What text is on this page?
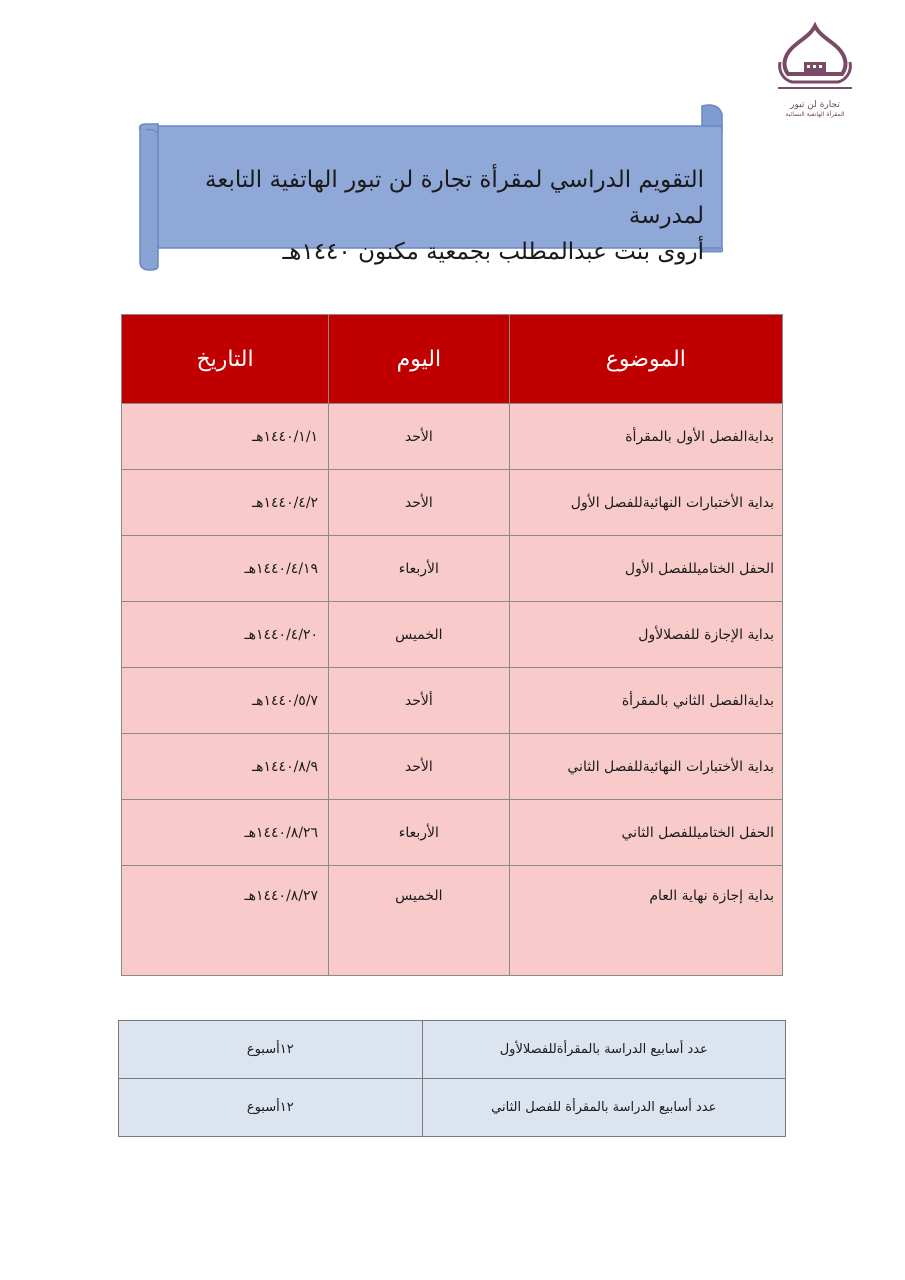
تجارة لن تبور
المقرأة الهاتفية النسائية
التقويم الدراسي لمقرأة تجارة لن تبور الهاتفية التابعة لمدرسة
أروى بنت عبدالمطلب بجمعية مكنون ١٤٤٠هـ
الموضوع	اليوم	التاريخ
بدايةالفصل الأول بالمقرأة	الأحد	١٤٤٠/١/١هـ
بداية الأختبارات النهائيةللفصل الأول	الأحد	١٤٤٠/٤/٢هـ
الحفل الختاميللفصل الأول	الأربعاء	١٤٤٠/٤/١٩هـ
بداية الإجازة للفصلالأول	الخميس	١٤٤٠/٤/٢٠هـ
بدايةالفصل الثاني بالمقرأة	ألأحد	١٤٤٠/٥/٧هـ
بداية الأختبارات النهائيةللفصل الثاني	الأحد	١٤٤٠/٨/٩هـ
الحفل الختاميللفصل الثاني	الأربعاء	١٤٤٠/٨/٢٦هـ
بداية إجازة نهاية العام	الخميس	١٤٤٠/٨/٢٧هـ
عدد أسابيع الدراسة بالمقرأةللفصلالأول	١٢أسبوع
عدد أسابيع الدراسة بالمقرأة للفصل الثاني	١٢أسبوع
